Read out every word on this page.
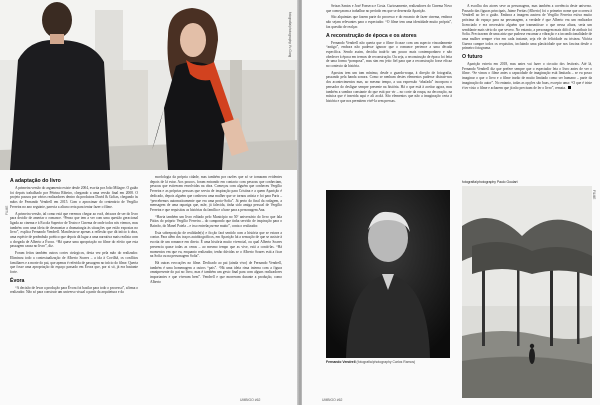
fotografia/photography Yu Gong
FILME
A adaptação do livro

A primeira versão do argumento existe desde 2004, escrita por João Milagre. O guião foi depois trabalhado por Pétrina Ribeiro, chegando a uma versão final em 2008. O projeto passou por vários realizadores dentro da produtora David & Golias, chegando às mãos de Fernando Vendrell em 2015. Com o aproximar do centenário de Vergílio Ferreira no ano seguinte, parecia a altura certa para tentar fazer o filme.

A primeira versão, tal como está que veremos chegar ao ecrã, deixava de ser do livro para decidir de ameriar o romance. “Penso que tem a ver com uma questão geracional ligada ao cinema e à Escola Superior de Teatro e Cinema de onde todos nós viemos, mas também com uma ideia de desmontar a dramaturgia às situações que estão expostas no livro”, explica Fernando Vendrell. Manifesta-se apenas a reflexão que dá início à obra, uma espécie de preâmbulo poético que depois dá lugar a uma narrativa mais realista com a chegada de Alberto a Évora. “Há quase uma apropriação no filme do efeito que esta passagem causa no livro”, diz.

Foram feitos também outros cortes cirúrgicos, desta vez pela mão do realizador. Eliminou todo a contextualização de Alberto Soares – a ida à Covilhã, os conflitos familiares e a morte do pai, que apenas é referida de passagem no início do filme. Queria que fosse uma apropriação do espaço passado em Évora que, por si só, já era bastante forte.

Évora

“A decisão de levar a produção para Évora foi basilar para todo o processo”, afirma o realizador. Não só para construir um universo visual a partir da arquitetura e da

morfologia da própria cidade, mas também por razões que só se tornaram evidentes depois de lá estar. Aos poucos, foram entrando em contacto com pessoas que conheciam, pessoas que estiveram envolvidas na obra. Começou com alguém que conheceu Vergílio Ferreira e as próprias pessoas que serviu de inspiração para Cristina e a quem Aparição é dedicado, depois alguém que conheceu uma mulher que se tornou artista e foi para Paris – “percebemos automaticamente que era uma proto-Sofia”. Já perto do final da rodagem, a mensagem de uma rapariga que, mãe, já falecida, tinha sido amiga pessoal de Vergílio Ferreira e que requisitou as histórias da família e a base para a personagem Ana.

“Havia também um livro editado pelo Município no 50º aniversário do livro que fala Pátios do próprio Vergílio Ferreira – do campondo que tinha servido de inspiração para o Bairrão, do Manel Patela – e isso entrelaçou-me muito”, conta o realizador.

Esta sobreposição de realidade(s) e ficção fará sentido com a história que se estava a contar. Para além dos traços autobiográficos, em Aparição há a sensação de que se assiste à escrita de um romance em direto. É uma história muito vivencial, ou qual Alberto Soares presencia quase todas as cenas – ao mesmo tempo que as vive, está a contá-las. “Há momentos em que eu, enquanto realizador, tenho dúvidas se o Alberto Soares está a ficar na Sofia ou na personagem Sofia”.

Há outras evocações no filme. Dedicado ao pai (ainda vivo) de Fernando Vendrell, também é uma homenagem a outros “pais”. “Há uma ideia rima interna com a figura omnipresente do pai no livro, mas é também um gesto final para com alguns realizadores importantes e que viveram bem”. Vendrell e que morreram durante a produção, como Alberto

UMBIGO #62

Seixas Santos e José Fonseca e Costa. Curiosamente, realizadores do Cinema Novo que começaram a trabalhar no período em que se desenrola Aparição.

São alquimias que fazem parte do processo e do encanto de fazer cinema, embora não sejam relevantes para o espectador. “O filme tem uma identidade muito própria”, faz questão de realçar.

A reconstrução de época e os atores

Fernando Vendrell não queria que o filme ficasse com um aspecto vincadamente “antigo”, embora não pudesse ignorar que o romance pertence a uma década específica. Sendo assim, decidiu tratá-lo um pouco mais contemporâneo e não obedecer à época em termos de reconstrução. Ou seja, a reconstrução de época foi feita de uma forma “pomposa”, mas sim em jeito fiel para que a reconstrução fosse eficaz no contexto da história.

Apostou tem um tom mínimo, desde o guarda-roupa, à direção de fotografia, passando pela banda sonora. Como se nenhum destes elementos pudesse distrair-nos dos acontecimentos mas, ao mesmo tempo, a sua expressão “abafada” incorpora o pensador do desligue sempre presente na história. Há o que está à aceitar agora, mas também a sombra constante do que está por vir – no corte da roupa, na decoração, na música que é inserida aqui e ali acolá. São elementos que não a imaginação certa à história e que nos permitem vivê-la sem pressas.

A escolha dos atores seve as personagens, mas também a coerência deste universo. Passado das figuras principais, Jaime Freitas (Alberto) foi o primeiro nome que ocorreu à Vendrell ao ler o guião. Embora a imagem austera de Vergílio Ferreira estiva muito próxima do espaço para na personagem, a verdade é que Alberto era um realizador licenciado e era necessário alguém que transmitisse o que nessa altura, seria um semblante mais sério do que severo. No entanto, a personagem mais difícil de atribuir foi Sofia. Precisavam de uma atriz que pudesse encarnar a vibração e a incondicionalidade de uma mulher sempre viva em cada instante, seja ele de felicidade ou tristeza. Vitória Guerra cumpre todos os requisitos, incluindo uma plasticidade que nos fascina desde o primeiro fotograma.

O futuro

Aparição estreia em 2018, mas antes vai fazer o circuito dos festivais. Até lá, Fernando Vendrell diz que prefere sempre que o espectador leia o livro antes de ver o filme. “Se vimos o filme antes a capacidade de imaginação está limitada – se eu posso imaginar o que o livro e o filme trarão de muito limitado como ser humano – parte da imaginação do autor”. No entanto, todas as opções são boas, excepto uma: “O que é triste é ter visto o filme e acharem que já não precisam de ler o livro”, remata.

fotografia/photography Paulo Goulart
Fernando Vendrell (fotografia/photography Carlos Ramos)
FILME
UMBIGO #62
